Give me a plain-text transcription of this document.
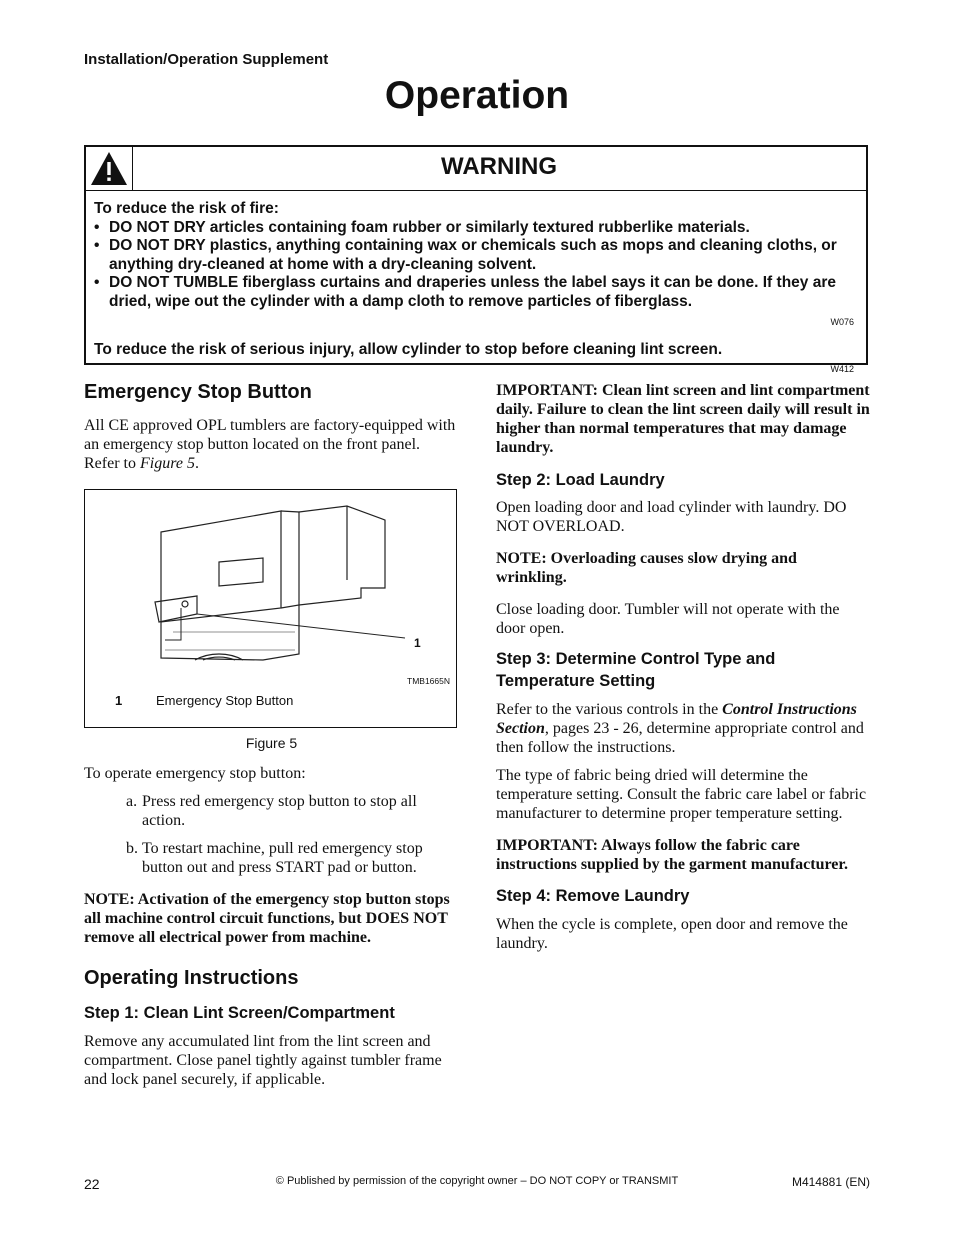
Installation/Operation Supplement
Operation
WARNING
To reduce the risk of fire:
• DO NOT DRY articles containing foam rubber or similarly textured rubberlike materials.
• DO NOT DRY plastics, anything containing wax or chemicals such as mops and cleaning cloths, or anything dry-cleaned at home with a dry-cleaning solvent.
• DO NOT TUMBLE fiberglass curtains and draperies unless the label says it can be done. If they are dried, wipe out the cylinder with a damp cloth to remove particles of fiberglass.
W076
To reduce the risk of serious injury, allow cylinder to stop before cleaning lint screen.
W412
Emergency Stop Button

All CE approved OPL tumblers are factory-equipped with an emergency stop button located on the front panel. Refer to Figure 5.

1
TMB1665N
1	Emergency Stop Button
Figure 5

To operate emergency stop button:

a. Press red emergency stop button to stop all action.
b. To restart machine, pull red emergency stop button out and press START pad or button.

NOTE: Activation of the emergency stop button stops all machine control circuit functions, but DOES NOT remove all electrical power from machine.

Operating Instructions
Step 1: Clean Lint Screen/Compartment

Remove any accumulated lint from the lint screen and compartment. Close panel tightly against tumbler frame and lock panel securely, if applicable.

IMPORTANT: Clean lint screen and lint compartment daily. Failure to clean the lint screen daily will result in higher than normal temperatures that may damage laundry.

Step 2: Load Laundry

Open loading door and load cylinder with laundry. DO NOT OVERLOAD.

NOTE: Overloading causes slow drying and wrinkling.

Close loading door. Tumbler will not operate with the door open.

Step 3: Determine Control Type and Temperature Setting

Refer to the various controls in the Control Instructions Section, pages 23 - 26, determine appropriate control and then follow the instructions.

The type of fabric being dried will determine the temperature setting. Consult the fabric care label or fabric manufacturer to determine proper temperature setting.

IMPORTANT: Always follow the fabric care instructions supplied by the garment manufacturer.

Step 4: Remove Laundry

When the cycle is complete, open door and remove the laundry.

22	© Published by permission of the copyright owner – DO NOT COPY or TRANSMIT	M414881 (EN)
